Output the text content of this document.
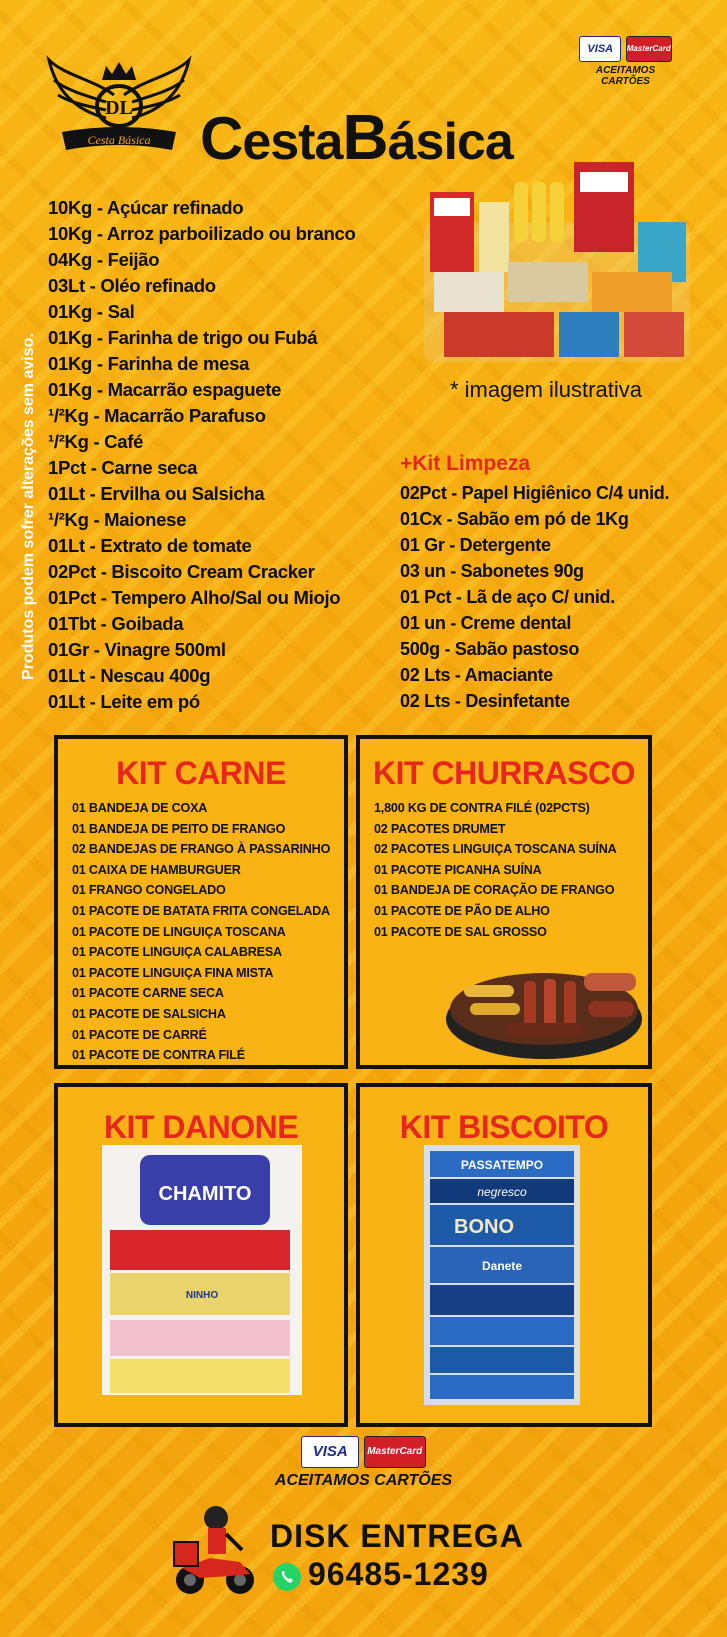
DL
Cesta Básica
VISA MasterCard
ACEITAMOS CARTÕES
CestaBásica
* imagem ilustrativa
Produtos podem sofrer alterações sem aviso.
10Kg - Açúcar refinado
10Kg - Arroz parboilizado ou branco
04Kg - Feijão
03Lt - Oléo refinado
01Kg - Sal
01Kg - Farinha de trigo ou Fubá
01Kg - Farinha de mesa
01Kg - Macarrão espaguete
¹/²Kg - Macarrão Parafuso
¹/²Kg - Café
1Pct - Carne seca
01Lt - Ervilha ou Salsicha
¹/²Kg - Maionese
01Lt - Extrato de tomate
02Pct - Biscoito Cream Cracker
01Pct - Tempero Alho/Sal ou Miojo
01Tbt - Goibada
01Gr - Vinagre 500ml
01Lt - Nescau 400g
01Lt - Leite em pó
+Kit Limpeza
02Pct - Papel Higiênico C/4 unid.
01Cx - Sabão em pó de 1Kg
01 Gr - Detergente
03 un - Sabonetes 90g
01 Pct - Lã de aço C/ unid.
01 un - Creme dental
500g - Sabão pastoso
02 Lts - Amaciante
02 Lts - Desinfetante
KIT CARNE
01 BANDEJA DE COXA
01 BANDEJA DE PEITO DE FRANGO
02 BANDEJAS DE FRANGO À PASSARINHO
01 CAIXA DE HAMBURGUER
01 FRANGO CONGELADO
01 PACOTE DE BATATA FRITA CONGELADA
01 PACOTE DE LINGUIÇA TOSCANA
01 PACOTE LINGUIÇA CALABRESA
01 PACOTE LINGUIÇA FINA MISTA
01 PACOTE CARNE SECA
01 PACOTE DE SALSICHA
01 PACOTE DE CARRÉ
01 PACOTE DE CONTRA FILÉ
KIT CHURRASCO
1,800 KG DE CONTRA FILÉ (02PCTS)
02 PACOTES DRUMET
02 PACOTES LINGUIÇA TOSCANA SUÍNA
01 PACOTE PICANHA SUÍNA
01 BANDEJA DE CORAÇÃO DE FRANGO
01 PACOTE DE PÃO DE ALHO
01 PACOTE DE SAL GROSSO
KIT DANONE
CHAMITO
NINHO
KIT BISCOITO
PASSATEMPO
negresco
BONO
Danete
VISA MasterCard
ACEITAMOS CARTÕES
DISK ENTREGA
96485-1239
